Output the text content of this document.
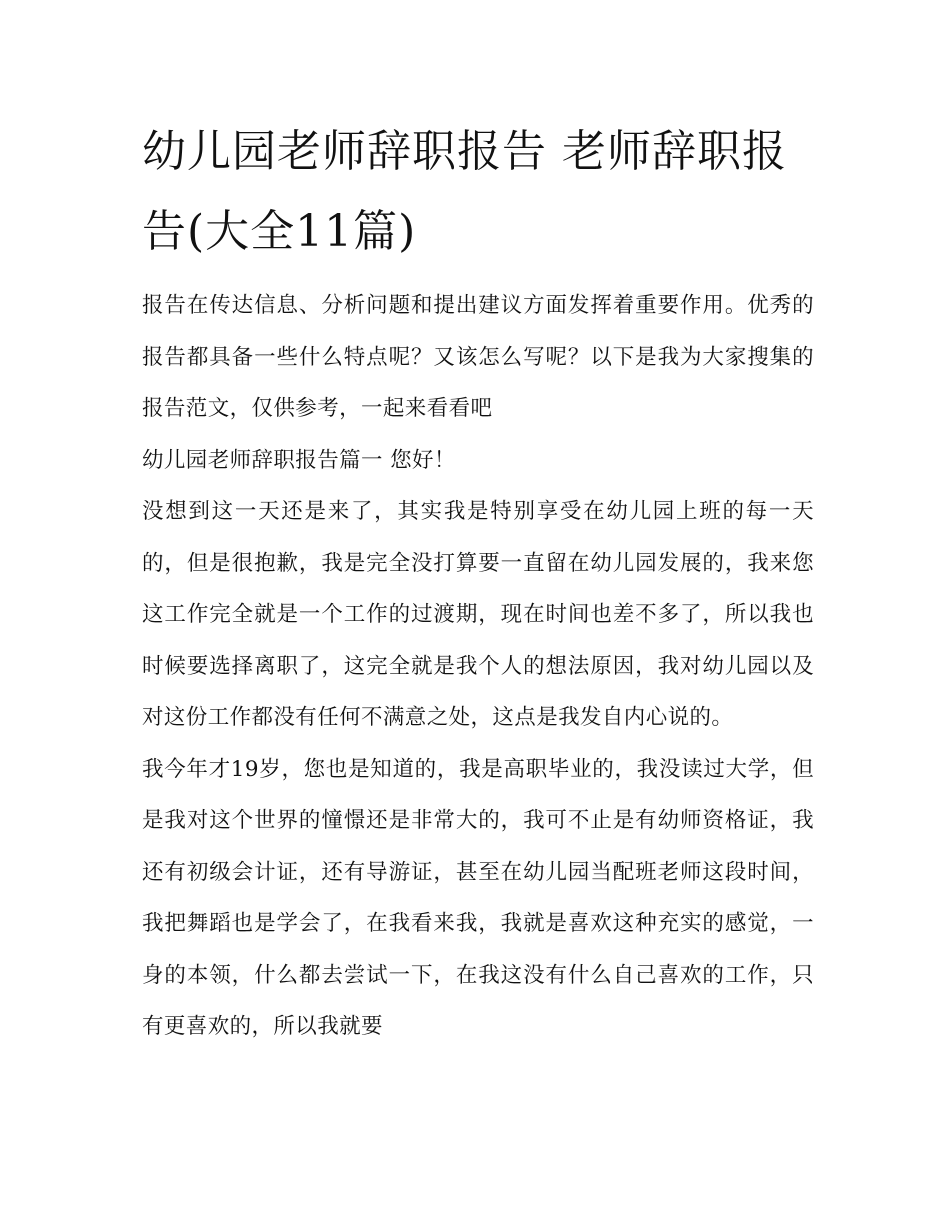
幼儿园老师辞职报告 老师辞职报告(大全11篇)

报告在传达信息、分析问题和提出建议方面发挥着重要作用。优秀的报告都具备一些什么特点呢？又该怎么写呢？以下是我为大家搜集的报告范文，仅供参考，一起来看看吧

幼儿园老师辞职报告篇一 您好！

没想到这一天还是来了，其实我是特别享受在幼儿园上班的每一天的，但是很抱歉，我是完全没打算要一直留在幼儿园发展的，我来您这工作完全就是一个工作的过渡期，现在时间也差不多了，所以我也时候要选择离职了，这完全就是我个人的想法原因，我对幼儿园以及对这份工作都没有任何不满意之处，这点是我发自内心说的。

我今年才19岁，您也是知道的，我是高职毕业的，我没读过大学，但是我对这个世界的憧憬还是非常大的，我可不止是有幼师资格证，我还有初级会计证，还有导游证，甚至在幼儿园当配班老师这段时间，我把舞蹈也是学会了，在我看来我，我就是喜欢这种充实的感觉，一身的本领，什么都去尝试一下，在我这没有什么自己喜欢的工作，只有更喜欢的，所以我就要
